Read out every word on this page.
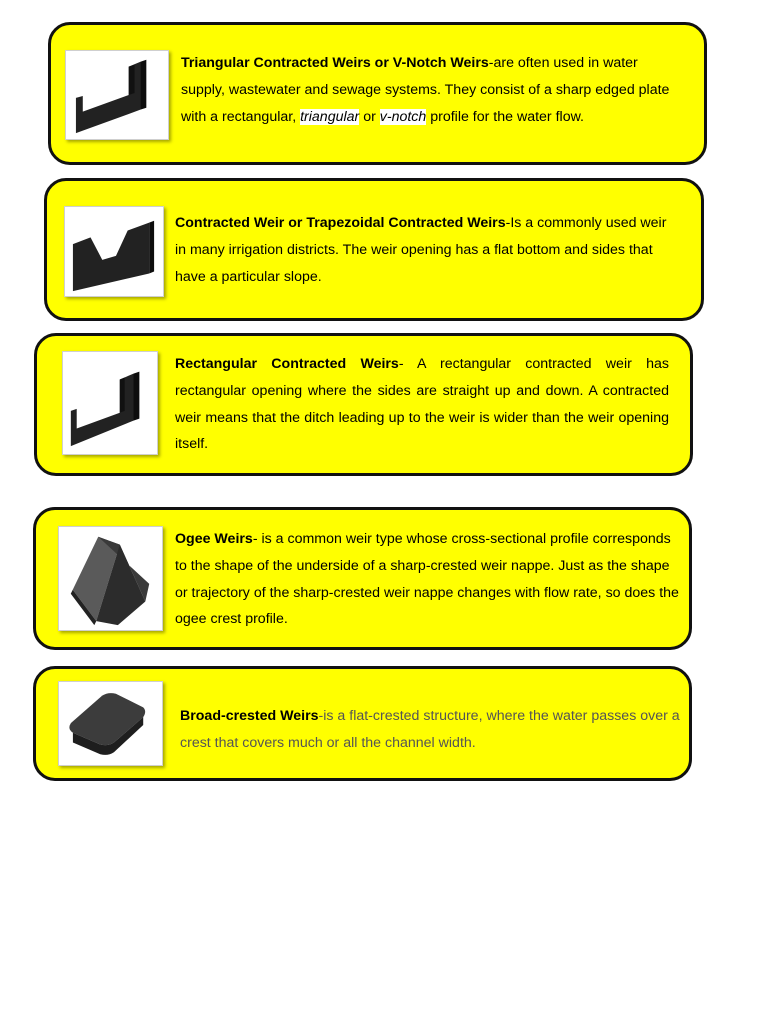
Triangular Contracted Weirs or V-Notch Weirs-are often used in water supply, wastewater and sewage systems. They consist of a sharp edged plate with a rectangular, triangular or v-notch profile for the water flow.
Contracted Weir or Trapezoidal Contracted Weirs-Is a commonly used weir in many irrigation districts. The weir opening has a flat bottom and sides that have a particular slope.
Rectangular Contracted Weirs- A rectangular contracted weir has rectangular opening where the sides are straight up and down. A contracted weir means that the ditch leading up to the weir is wider than the weir opening itself.
Ogee Weirs- is a common weir type whose cross-sectional profile corresponds to the shape of the underside of a sharp-crested weir nappe. Just as the shape or trajectory of the sharp-crested weir nappe changes with flow rate, so does the ogee crest profile.
Broad-crested Weirs-is a flat-crested structure, where the water passes over a crest that covers much or all the channel width.
